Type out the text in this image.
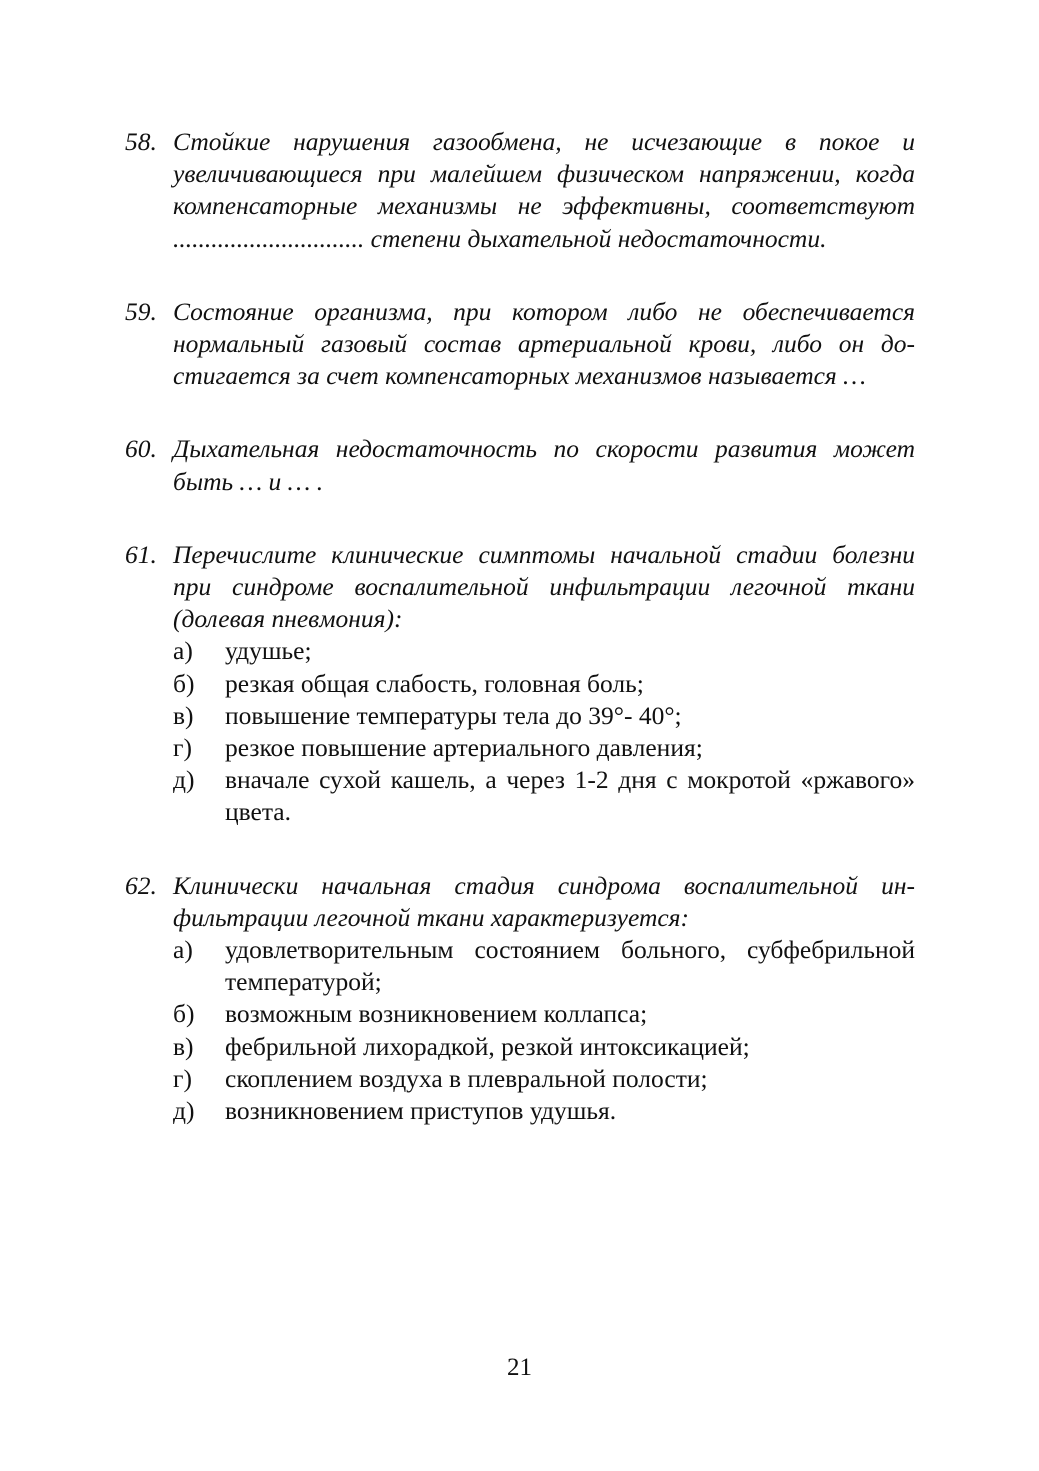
58. Стойкие нарушения газообмена, не исчезающие в покое и увеличивающиеся при малейшем физическом напряжении, когда компенсаторные механизмы не эффективны, соответствуют .............................. степени дыхательной недостаточности.
59. Состояние организма, при котором либо не обеспечивается нормальный газовый состав артериальной крови, либо он достигается за счет компенсаторных механизмов называется …
60. Дыхательная недостаточность по скорости развития может быть … и … .
61. Перечислите клинические симптомы начальной стадии болезни при синдроме воспалительной инфильтрации легочной ткани (долевая пневмония):
а)	удушье;
б)	резкая общая слабость, головная боль;
в)	повышение температуры тела до 39°- 40°;
г)	резкое повышение артериального давления;
д)	вначале сухой кашель, а через 1-2 дня с мокротой «ржавого» цвета.
62. Клинически начальная стадия синдрома воспалительной инфильтрации легочной ткани характеризуется:
а)	удовлетворительным состоянием больного, субфебрильной температурой;
б)	возможным возникновением коллапса;
в)	фебрильной лихорадкой, резкой интоксикацией;
г)	скоплением воздуха в плевральной полости;
д)	возникновением приступов удушья.
21
